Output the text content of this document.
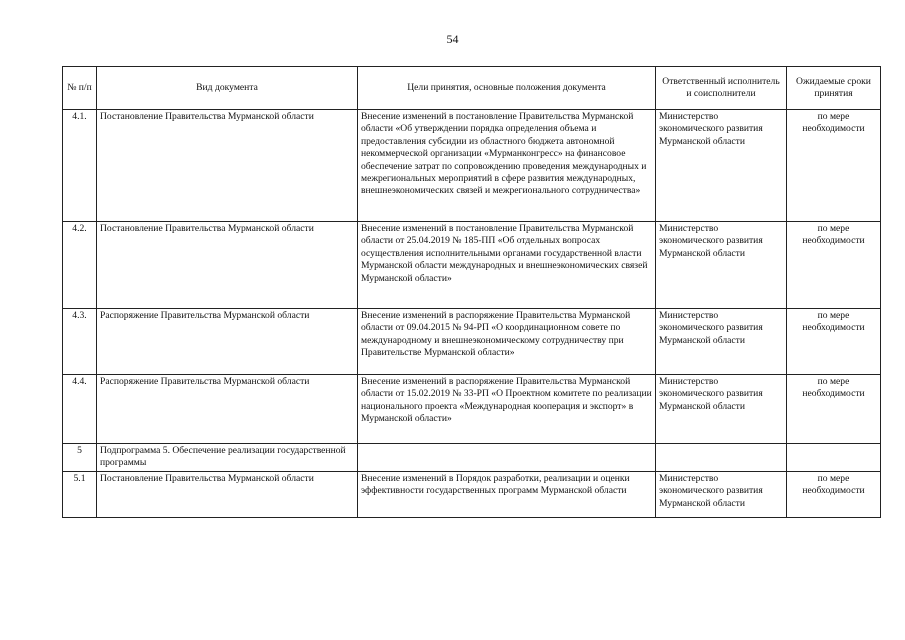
54
№ п/п	Вид документа	Цели принятия, основные положения документа	Ответственный исполнитель и соисполнители	Ожидаемые сроки принятия
4.1.	Постановление Правительства Мурманской области	Внесение изменений в постановление Правительства Мурманской области «Об утверждении порядка определения объема и предоставления субсидии из областного бюджета автономной некоммерческой организации «Мурманконгресс» на финансовое обеспечение затрат по сопровождению проведения международных и межрегиональных мероприятий в сфере развития международных, внешнеэкономических связей и межрегионального сотрудничества»	Министерство экономического развития Мурманской области	по мере необходимости
4.2.	Постановление Правительства Мурманской области	Внесение изменений в постановление Правительства Мурманской области от 25.04.2019 № 185-ПП «Об отдельных вопросах осуществления исполнительными органами государственной власти Мурманской области международных и внешнеэкономических связей Мурманской области»	Министерство экономического развития Мурманской области	по мере необходимости
4.3.	Распоряжение Правительства Мурманской области	Внесение изменений в распоряжение Правительства Мурманской области от 09.04.2015 № 94-РП «О координационном совете по международному и внешнеэкономическому сотрудничеству при Правительстве Мурманской области»	Министерство экономического развития Мурманской области	по мере необходимости
4.4.	Распоряжение Правительства Мурманской области	Внесение изменений в распоряжение Правительства Мурманской области от 15.02.2019 № 33-РП «О Проектном комитете по реализации национального проекта «Международная кооперация и экспорт» в Мурманской области»	Министерство экономического развития Мурманской области	по мере необходимости
5	Подпрограмма 5. Обеспечение реализации государственной программы			
5.1	Постановление Правительства Мурманской области	Внесение изменений в Порядок разработки, реализации и оценки эффективности государственных программ Мурманской области	Министерство экономического развития Мурманской области	по мере необходимости
